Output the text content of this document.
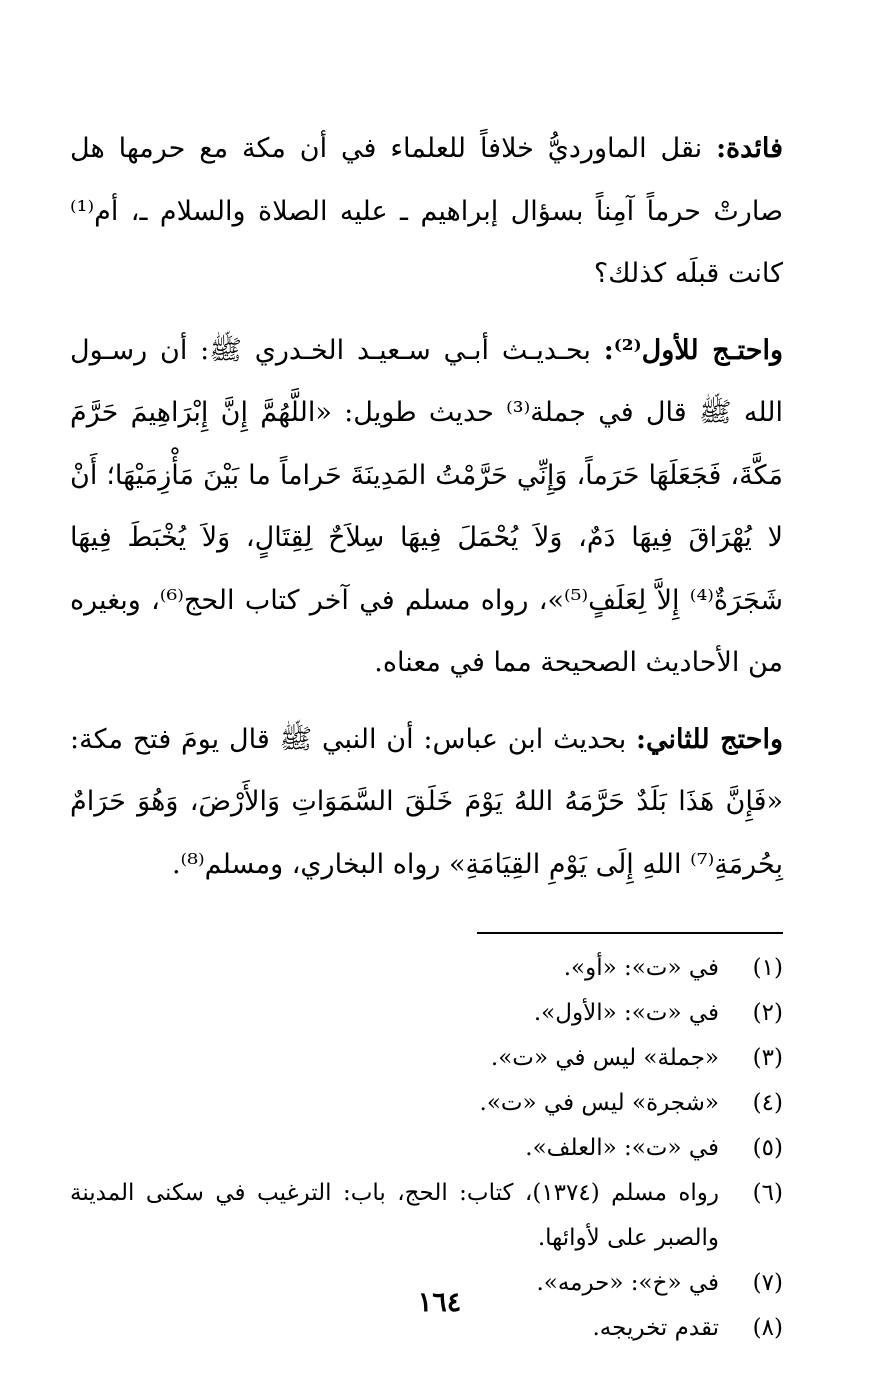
فائدة: نقل الماورديُّ خلافاً للعلماء في أن مكة مع حرمها هل صارتْ حرماً آمِناً بسؤال إبراهيم ـ عليه الصلاة والسلام ـ، أم⁽¹⁾ كانت قبلَه كذلك؟

واحتـج للأول⁽²⁾: بحـديـث أبـي سـعيـد الخـدري ﷺ: أن رسـول الله ﷺ قال في جملة⁽³⁾ حديث طويل: «اللَّهُمَّ إِنَّ إِبْرَاهِيمَ حَرَّمَ مَكَّةَ، فَجَعَلَهَا حَرَماً، وَإِنِّي حَرَّمْتُ المَدِينَةَ حَراماً ما بَيْنَ مَأْزِمَيْهَا؛ أَنْ لا يُهْرَاقَ فِيهَا دَمٌ، وَلاَ يُحْمَلَ فِيهَا سِلاَحٌ لِقِتَالٍ، وَلاَ يُخْبَطَ فِيهَا شَجَرَةٌ⁽⁴⁾ إِلاَّ لِعَلَفٍ⁽⁵⁾»، رواه مسلم في آخر كتاب الحج⁽⁶⁾، وبغيره من الأحاديث الصحيحة مما في معناه.

واحتج للثاني: بحديث ابن عباس: أن النبي ﷺ قال يومَ فتح مكة: «فَإِنَّ هَذَا بَلَدٌ حَرَّمَهُ اللهُ يَوْمَ خَلَقَ السَّمَوَاتِ وَالأَرْضَ، وَهُوَ حَرَامٌ بِحُرمَةِ⁽⁷⁾ اللهِ إِلَى يَوْمِ القِيَامَةِ» رواه البخاري، ومسلم⁽⁸⁾.

(١)
في «ت»: «أو».
(٢)
في «ت»: «الأول».
(٣)
«جملة» ليس في «ت».
(٤)
«شجرة» ليس في «ت».
(٥)
في «ت»: «العلف».
(٦)
رواه مسلم (١٣٧٤)، كتاب: الحج، باب: الترغيب في سكنى المدينة والصبر على لأوائها.
(٧)
في «خ»: «حرمه».
(٨)
تقدم تخريجه.
١٦٤
